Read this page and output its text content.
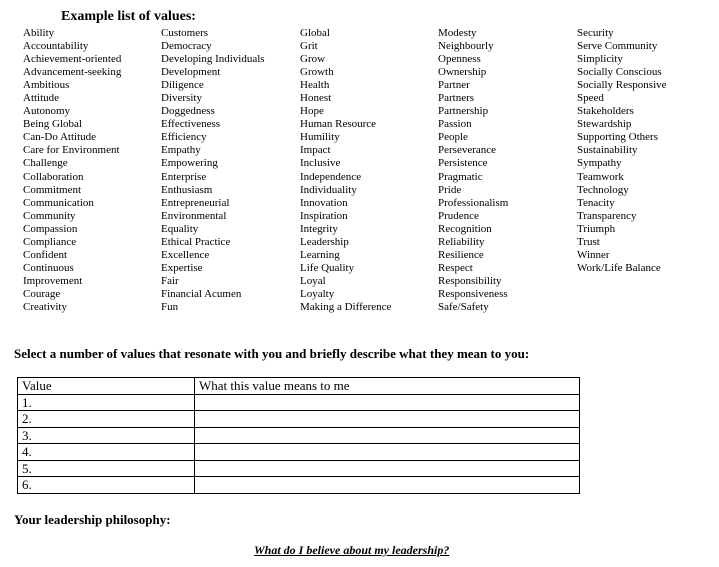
Example list of values:
Ability
Accountability
Achievement-oriented
Advancement-seeking
Ambitious
Attitude
Autonomy
Being Global
Can-Do Attitude
Care for Environment
Challenge
Collaboration
Commitment
Communication
Community
Compassion
Compliance
Confident
Continuous
Improvement
Courage
Creativity
Customers
Democracy
Developing Individuals
Development
Diligence
Diversity
Doggedness
Effectiveness
Efficiency
Empathy
Empowering
Enterprise
Enthusiasm
Entrepreneurial
Environmental
Equality
Ethical Practice
Excellence
Expertise
Fair
Financial Acumen
Fun
Global
Grit
Grow
Growth
Health
Honest
Hope
Human Resource
Humility
Impact
Inclusive
Independence
Individuality
Innovation
Inspiration
Integrity
Leadership
Learning
Life Quality
Loyal
Loyalty
Making a Difference
Modesty
Neighbourly
Openness
Ownership
Partner
Partners
Partnership
Passion
People
Perseverance
Persistence
Pragmatic
Pride
Professionalism
Prudence
Recognition
Reliability
Resilience
Respect
Responsibility
Responsiveness
Safe/Safety
Security
Serve Community
Simplicity
Socially Conscious
Socially Responsive
Speed
Stakeholders
Stewardship
Supporting Others
Sustainability
Sympathy
Teamwork
Technology
Tenacity
Transparency
Triumph
Trust
Winner
Work/Life Balance
Select a number of values that resonate with you and briefly describe what they mean to you:
Value	What this value means to me
1.	
2.	
3.	
4.	
5.	
6.	
Your leadership philosophy:
What do I believe about my leadership?
